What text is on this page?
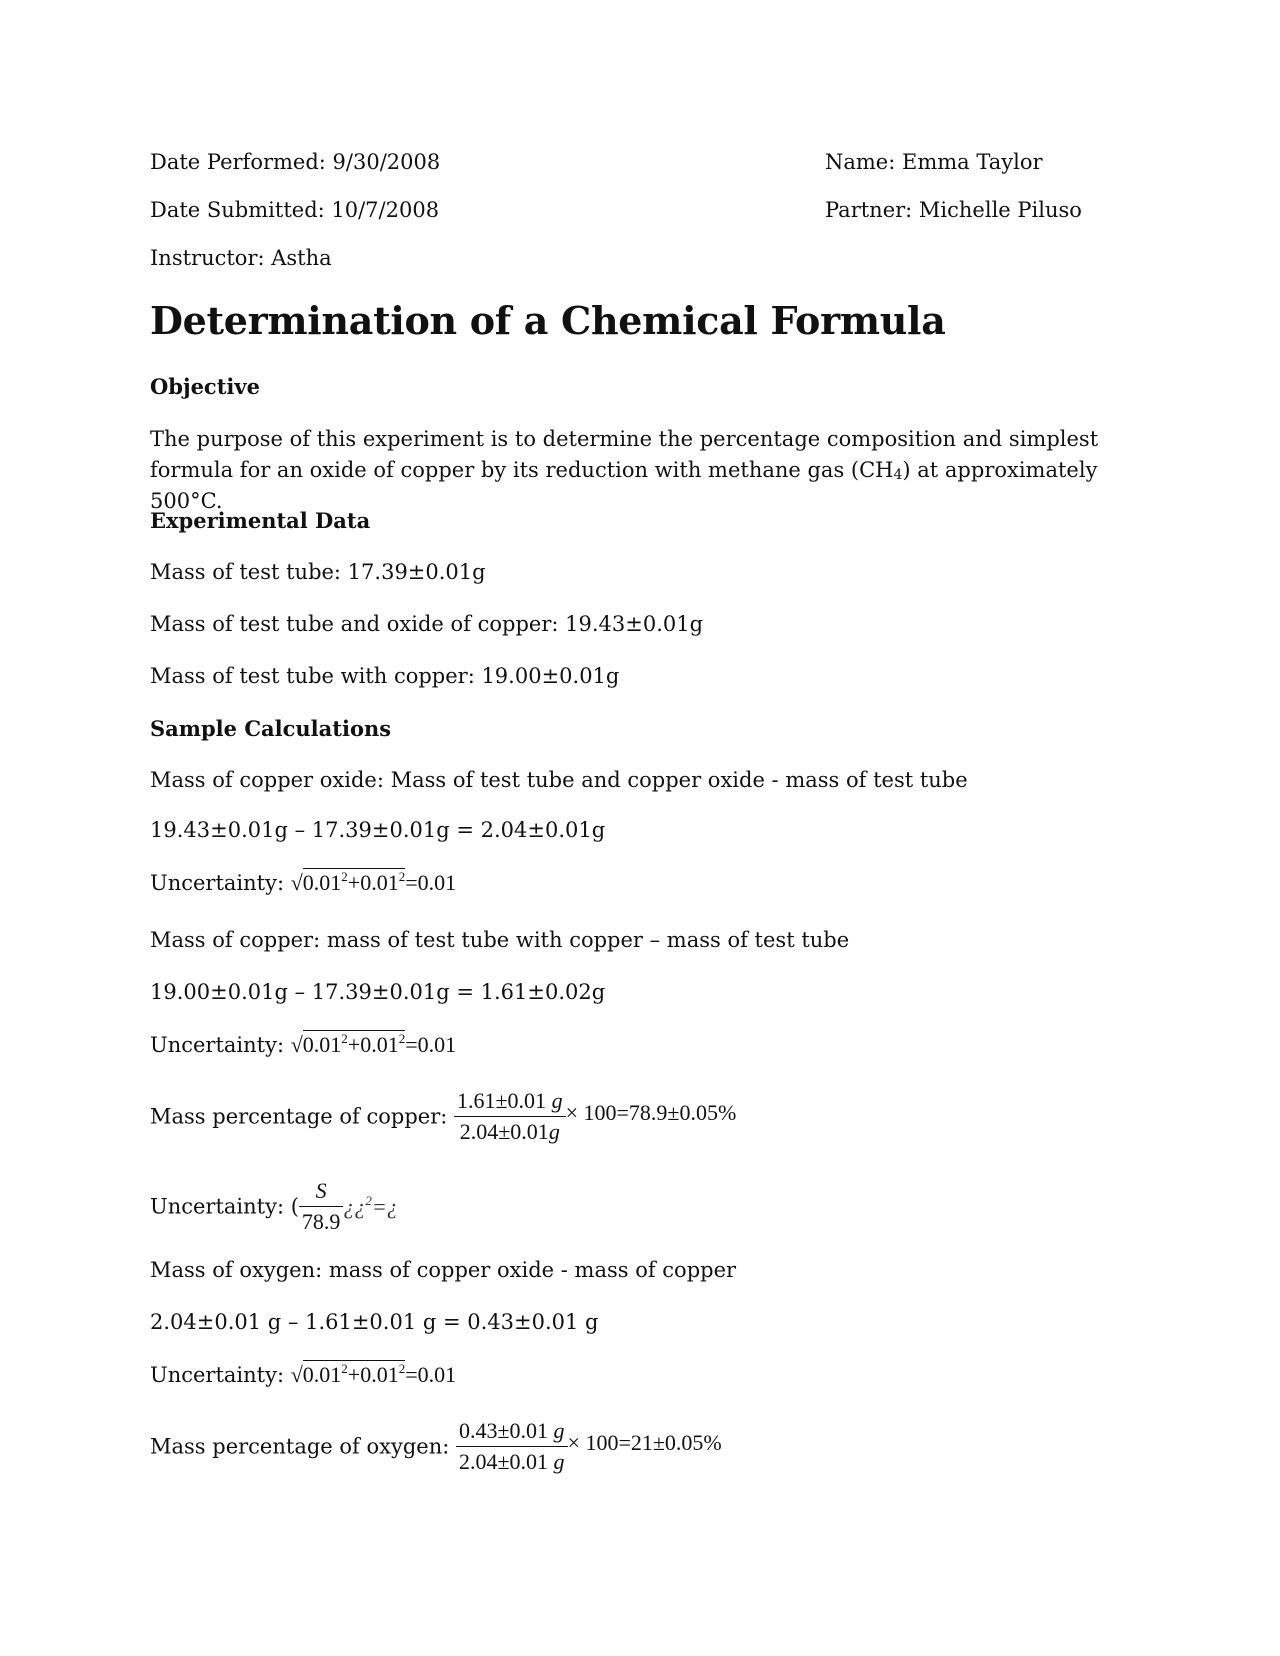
Date Performed: 9/30/2008
Date Submitted: 10/7/2008
Instructor: Astha
Name: Emma Taylor
Partner: Michelle Piluso
Determination of a Chemical Formula
Objective
The purpose of this experiment is to determine the percentage composition and simplest formula for an oxide of copper by its reduction with methane gas $(CH_4)$ at approximately 500°C.
Experimental Data
Mass of test tube: 17.39±0.01g
Mass of test tube and oxide of copper: 19.43±0.01g
Mass of test tube with copper: 19.00±0.01g
Sample Calculations
Mass of copper oxide: Mass of test tube and copper oxide - mass of test tube
19.43±0.01g – 17.39±0.01g = 2.04±0.01g
Uncertainty: $√0.01^2+0.01^2=0.01$
Mass of copper: mass of test tube with copper – mass of test tube
19.00±0.01g – 17.39±0.01g = 1.61±0.02g
Uncertainty: $√0.01^2+0.01^2=0.01$
Mass percentage of copper: $\frac{1.61\pm 0.01 g}{2.04\pm 0.01g} \times 100=78.9\pm 0.05\%$
Uncertainty: ( $\frac{S}{78.9}$ ¿¿$^2$=¿
Mass of oxygen: mass of copper oxide - mass of copper
2.04±0.01 g – 1.61±0.01 g = 0.43±0.01 g
Uncertainty: $√0.01^2+0.01^2=0.01$
Mass percentage of oxygen: $\frac{0.43\pm 0.01 g}{2.04\pm 0.01 g} \times 100=21\pm 0.05\%$
